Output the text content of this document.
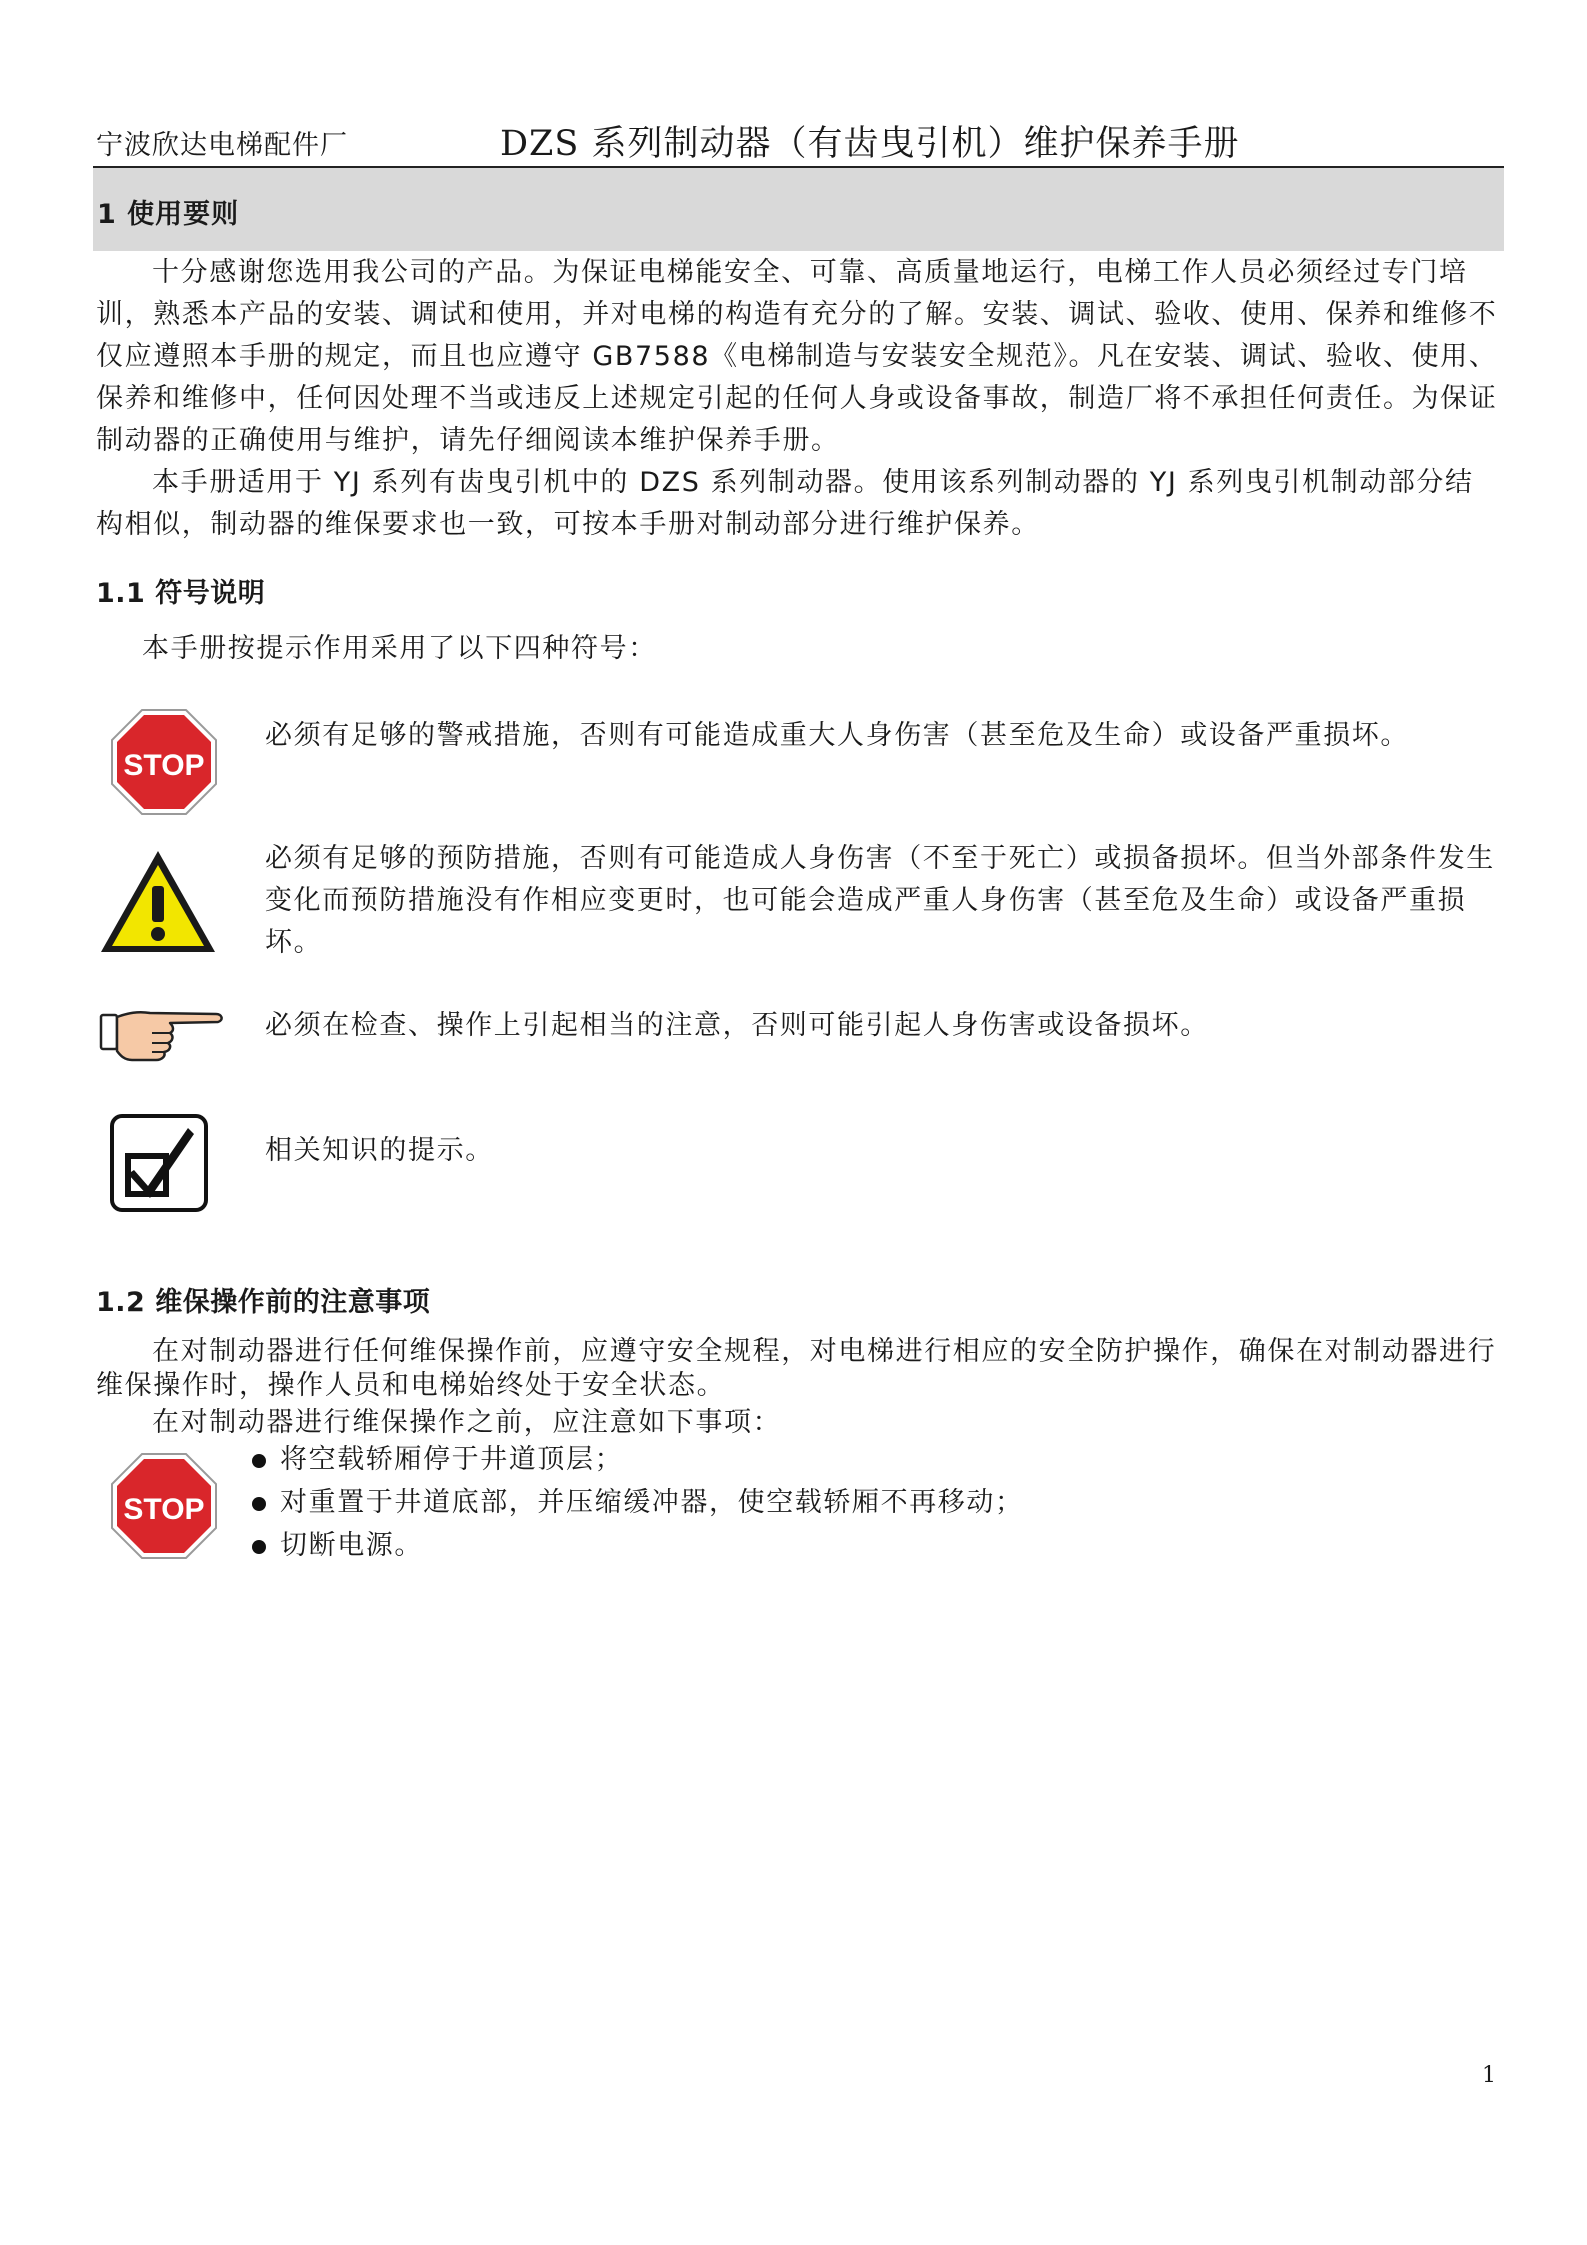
宁波欣达电梯配件厂	DZS 系列制动器（有齿曳引机）维护保养手册
1 使用要则

十分感谢您选用我公司的产品。为保证电梯能安全、可靠、高质量地运行，电梯工作人员必须经过专门培训，熟悉本产品的安装、调试和使用，并对电梯的构造有充分的了解。安装、调试、验收、使用、保养和维修不仅应遵照本手册的规定，而且也应遵守 GB7588《电梯制造与安装安全规范》。凡在安装、调试、验收、使用、保养和维修中，任何因处理不当或违反上述规定引起的任何人身或设备事故，制造厂将不承担任何责任。为保证制动器的正确使用与维护，请先仔细阅读本维护保养手册。

本手册适用于 YJ 系列有齿曳引机中的 DZS 系列制动器。使用该系列制动器的 YJ 系列曳引机制动部分结构相似，制动器的维保要求也一致，可按本手册对制动部分进行维护保养。

1.1 符号说明

本手册按提示作用采用了以下四种符号：

STOP

必须有足够的警戒措施，否则有可能造成重大人身伤害（甚至危及生命）或设备严重损坏。

必须有足够的预防措施，否则有可能造成人身伤害（不至于死亡）或损备损坏。但当外部条件发生变化而预防措施没有作相应变更时，也可能会造成严重人身伤害（甚至危及生命）或设备严重损坏。

必须在检查、操作上引起相当的注意，否则可能引起人身伤害或设备损坏。

相关知识的提示。

1.2 维保操作前的注意事项

在对制动器进行任何维保操作前，应遵守安全规程，对电梯进行相应的安全防护操作，确保在对制动器进行维保操作时，操作人员和电梯始终处于安全状态。

在对制动器进行维保操作之前，应注意如下事项：

STOP
将空载轿厢停于井道顶层；
对重置于井道底部，并压缩缓冲器，使空载轿厢不再移动；
切断电源。
1
